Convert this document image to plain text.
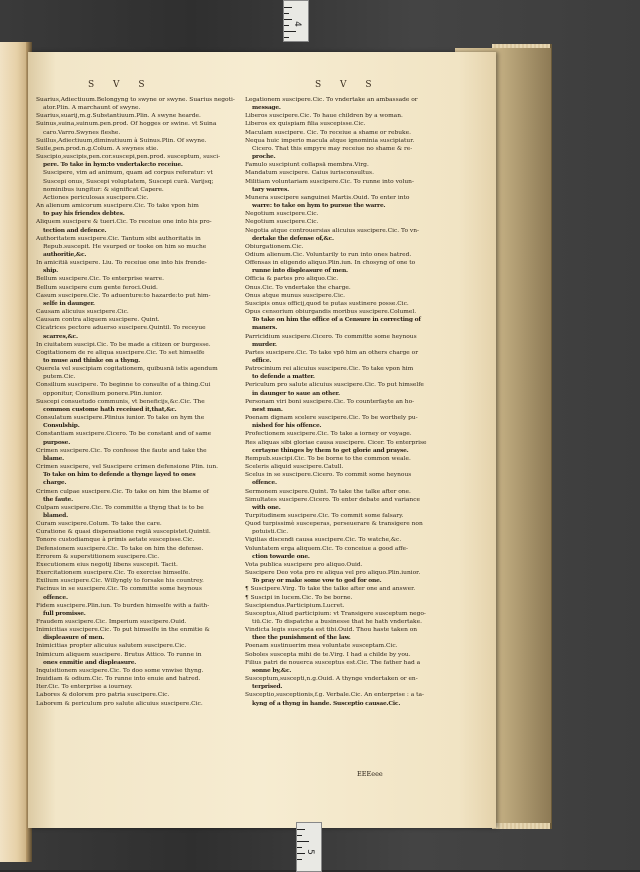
4
S V S	S V S

Suarius,Adiectiuum.Belongyng to swyne or swyne. Suarius negoti-

ator.Plin. A marchaunt of swyne.

Suarius,suarij,m.g.Substantiuum.Plin. A swyne hearde.

Suinus,suina,suinum.pen.prod. Of hogges or swine. vt Suina

caro.Varro.Swynes fleshe.

Suillus,Adiectiuum,diminutiuum à Suinus.Plin. Of swyne.

Suile,pen.prod.n.g.Colum. A swynes stie.

Suscipio,suscipis,pen.cor.suscepi,pen.prod. susceptum, susci-

pere. To take in hym:to vndertake:to receiue.

Suscipere, vim ad animum, quam ad corpus referatur: vt

Suscepi onus, Suscepi voluptatem, Suscepi curā. Varijsq;

nominibus iungitur: & significat Capere.

Actiones periculosas suscipere.Cic.

An alienum amicorum suscipere.Cic. To take vpon him

to pay his friendes debtes.

Aliquem suscipere & tueri.Cic. To receiue one into his pro-

tection and defence.

Authoritatem suscipere.Cic. Tantum sibi authoritatis in

Repub.suscepit. He vsurped or tooke on him so muche

authoritie,&c.

In amicitiā suscipere. Liu. To receiue one into his frende-

ship.

Bellum suscipere.Cic. To enterprise warre.

Bellum suscipere cum gente feroci.Ouid.

Casum suscipere.Cic. To aduenture:to hazarde:to put him-

selfe in daunger.

Causam alicuius suscipere.Cic.

Causam contra aliquem suscipere. Quint.

Cicatrices pectore aduerso suscipere.Quintil. To receyue

scarres,&c.

In ciuitatem suscipi.Cic. To be made a citizen or burgesse.

Cogitationem de re aliqua suscipere.Cic. To set himselfe

to muse and thinke on a thyng.

Querela vel suscipiam cogitationem, quibusnā istis agendum

putem.Cic.

Consilium suscipere. To beginne to consulte of a thing.Cui

opponitur, Consilium ponere.Plin.iunior.

Suscepi consuetudo communis, vt beneficijs,&c.Cic. The

common custome hath receiued it,that,&c.

Consulatum suscipere.Plinius iunior. To take on hym the

Consulship.

Constantiam suscipere.Cicero. To be constant and of same

purpose.

Crimen suscipere.Cic. To confesse the faute and take the

blame.

Crimen suscipere, vel Suscipere crimen defensione Plin. iun.

To take on him to defende a thynge layed to ones

charge.

Crimen culpae suscipere.Cic. To take on him the blame of

the faute.

Culpam suscipere.Cic. To committe a thyng that is to be

blamed.

Curam suscipere.Colum. To take the care.

Curatione & quasi dispensatione regiā suscepistet.Quintil.

Tonore custodiamque à primis aetate suscepisse.Cic.

Defensionem suscipere.Cic. To take on him the defense.

Errorem & superstitionem suscipere.Cic.

Executionem eius negotij libens suscepit. Tacit.

Exercitationem suscipere.Cic. To exercise himselfe.

Exilium suscipere.Cic. Willyngly to forsake his countrey.

Facinus in se suscipere.Cic. To committe some heynous

offence.

Fidem suscipere.Plin.iun. To burden himselfe with a faith-

full promisse.

Fraudem suscipere.Cic. Imperium suscipere.Ouid.

Inimicitias suscipere.Cic. To put himselfe in the enmitie &

displeasure of men.

Inimicitias propter alicuius salutem suscipere.Cic.

Inimicum aliquem suscipere. Brutus Attico. To runne in

ones enmitie and displeasure.

Inquisitionem suscipere.Cic. To doo some vnwise thyng.

Inuidiam & odium.Cic. To runne into enuie and hatred.

Iter.Cic. To enterprise a iourney.

Labores & dolorem pro patria suscipere.Cic.

Laborem & periculum pro salute alicuius suscipere.Cic.

Legationem suscipere.Cic. To vndertake an ambassade or

message.

Liberos suscipere.Cic. To haue children by a woman.

Liberos ex quispiam filia suscepisse.Cic.

Maculam suscipere. Cic. To receiue a shame or rebuke.

Nequa huic imperio macula atque ignominia suscipiatur.

Cicero. That this empyre may receiue no shame & re-

proche.

Famulo suscipiunt collapsā membra.Virg.

Mandatum suscipere. Caius iurisconsultus.

Militiam voluntariam suscipere.Cic. To runne into volun-

tary warres.

Munera suscipere sanguinei Martis.Ouid. To enter into

warre: to take on hym to pursue the warre.

Negotium suscipere.Cic.

Negotium suscipere.Cic.

Negotia atque controuersias alicuius suscipere.Cic. To vn-

dertake the defense of,&c.

Obiurgationem.Cic.

Odium alienum.Cic. Voluntarily to run into ones hatred.

Offensas in eligendo aliquo.Plin.iun. In chosyng of one to

runne into displeasure of men.

Officia & partes pro aliquo.Cic.

Onus.Cic. To vndertake the charge.

Onus atque munus suscipere.Cic.

Suscipis onus officij,quod te putas sustinere posse.Cic.

Opus censorium obiurgandis moribus suscipere.Columel.

To take on him the office of a Censure in correcting of

maners.

Parricidium suscipere.Cicero. To committe some heynous

murder.

Partes suscipere.Cic. To take vpō him an others charge or

office.

Patrocinium rei alicuius suscipere.Cic. To take vpon him

to defende a matter.

Periculum pro salute alicuius suscipere.Cic. To put himselfe

in daunger to saue an other.

Personam viri boni suscipere.Cic. To counterfayte an ho-

nest man.

Poenam dignam scelere suscipere.Cic. To be worthely pu-

nished for his offence.

Profectionem suscipere.Cic. To take a iorney or voyage.

Res aliquas sibi gloriae causa suscipere. Cicer. To enterprise

certayne thinges by them to get glorie and prayse.

Rempub.suscipi.Cic. To be borne to the common weale.

Sceleris aliquid suscipere.Catull.

Scelus in se suscipere.Cicero. To commit some heynous

offence.

Sermonem suscipere.Quint. To take the talke after one.

Simultates suscipere.Cicero. To enter debate and variance

with one.

Turpitudinem suscipere.Cic. To commit some falsary.

Quod turpissimè susceperas, perseuerare & transigere non

potuisti.Cic.

Vigilias discendi causa suscipere.Cic. To watche,&c.

Voluntatem erga aliquem.Cic. To conceiue a good affe-

ction towarde one.

Vota publica suscipere pro aliquo.Ouid.

Suscipere Deo vota pro re aliqua vel pro aliquo.Plin.iunior.

To pray or make some vow to god for one.

¶ Suscipere.Virg. To take the talke after one and answer.

¶ Suscipi in lucem.Cic. To be borne.

Suscipiendus.Participium.Lucret.

Susceptus,Aliud participium: vt Transigere susceptum nego-

tiū.Cic. To dispatche a businesse that he hath vndertake.

Vindicta legis suscepta est tibi.Ouid. Thou haste taken on

thee the punishment of the law.

Poenam sustinuerim mea voluntate susceptam.Cic.

Soboles suscepta mihi de te.Virg. I had a childe by you.

Filius patri de nouerca susceptus est.Cic. The father had a

sonne by,&c.

Susceptum,suscepti,n.g.Ouid. A thynge vndertaken or en-

terprised.

Susceptio,susceptionis,f.g. Verbale.Cic. An enterprise : a ta-

kyng of a thyng in hande. Susceptio causae.Cic.

EEEeee
5
